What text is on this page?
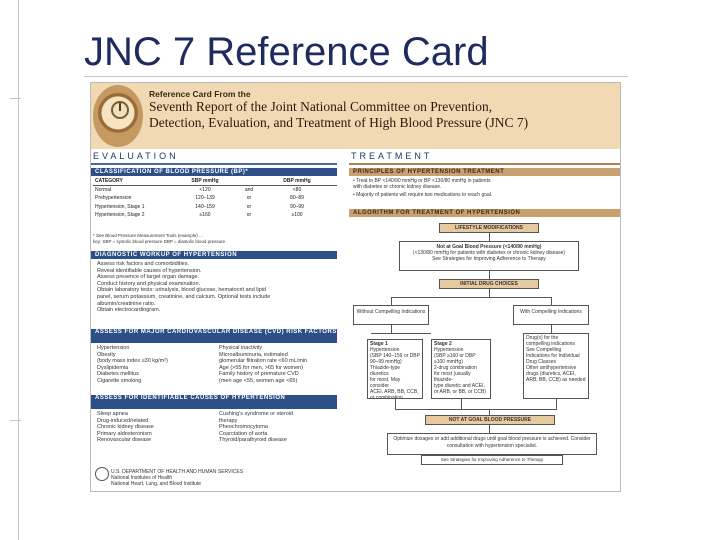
JNC 7 Reference Card
Reference Card From the
Seventh Report of the Joint National Committee on Prevention,
Detection, Evaluation, and Treatment of High Blood Pressure (JNC 7)
EVALUATION
CLASSIFICATION OF BLOOD PRESSURE (BP)*
CATEGORY	SBP mmHg	DBP mmHg
Normal	<120	and	<80
Prehypertension	120–139	or	80–89
Hypertension, Stage 1	140–159	or	90–99
Hypertension, Stage 2	≥160	or	≥100
* See Blood Pressure Measurement Tools (example) ...
key: SBP = systolic blood pressure DBP = diastolic blood pressure
DIAGNOSTIC WORKUP OF HYPERTENSION
Assess risk factors and comorbidities.
Reveal identifiable causes of hypertension.
Assess presence of target organ damage.
Conduct history and physical examination.
Obtain laboratory tests: urinalysis, blood glucose, hematocrit and lipid
panel, serum potassium, creatinine, and calcium. Optional tests include
albumin/creatinine ratio.
Obtain electrocardiogram.
ASSESS FOR MAJOR CARDIOVASCULAR DISEASE (CVD) RISK FACTORS
Hypertension
Obesity
(body mass index ≥30 kg/m²)
Dyslipidemia
Diabetes mellitus
Cigarette smoking
Physical inactivity
Microalbuminuria, estimated
glomerular filtration rate <60 mL/min
Age (>55 for men, >65 for women)
Family history of premature CVD
(men age <55, women age <65)
ASSESS FOR IDENTIFIABLE CAUSES OF HYPERTENSION
Sleep apnea
Drug-induced/related
Chronic kidney disease
Primary aldosteronism
Renovascular disease
Cushing's syndrome or steroid
therapy
Pheochromocytoma
Coarctation of aorta
Thyroid/parathyroid disease
U.S. DEPARTMENT OF HEALTH AND HUMAN SERVICES
National Institutes of Health
National Heart, Lung, and Blood Institute
TREATMENT
PRINCIPLES OF HYPERTENSION TREATMENT
• Treat to BP <140/90 mmHg or BP <130/80 mmHg in patients
with diabetes or chronic kidney disease.
• Majority of patients will require two medications to reach goal.
ALGORITHM FOR TREATMENT OF HYPERTENSION
LIFESTYLE MODIFICATIONS
Not at Goal Blood Pressure (<140/90 mmHg)
(<130/80 mmHg for patients with diabetes or chronic kidney disease)
See Strategies for Improving Adherence to Therapy
INITIAL DRUG CHOICES
Without Compelling Indications	With Compelling Indications
Stage 1
Hypertension
(SBP 140–159 or DBP
90–99 mmHg)
Thiazide-type diuretics
for most. May consider
ACEI, ARB, BB, CCB,
or combination
Stage 2
Hypertension
(SBP ≥160 or DBP
≥100 mmHg)
2-drug combination
for most (usually thiazide-
type diuretic and ACEI,
or ARB, or BB, or CCB)
Drug(s) for the
compelling indications
See Compelling
Indications for Individual
Drug Classes
Other antihypertensive
drugs (diuretics, ACEI,
ARB, BB, CCB) as needed
NOT AT GOAL BLOOD PRESSURE
Optimize dosages or add additional drugs until goal blood pressure is achieved. Consider consultation with hypertension specialist.
See Strategies for Improving Adherence to Therapy
